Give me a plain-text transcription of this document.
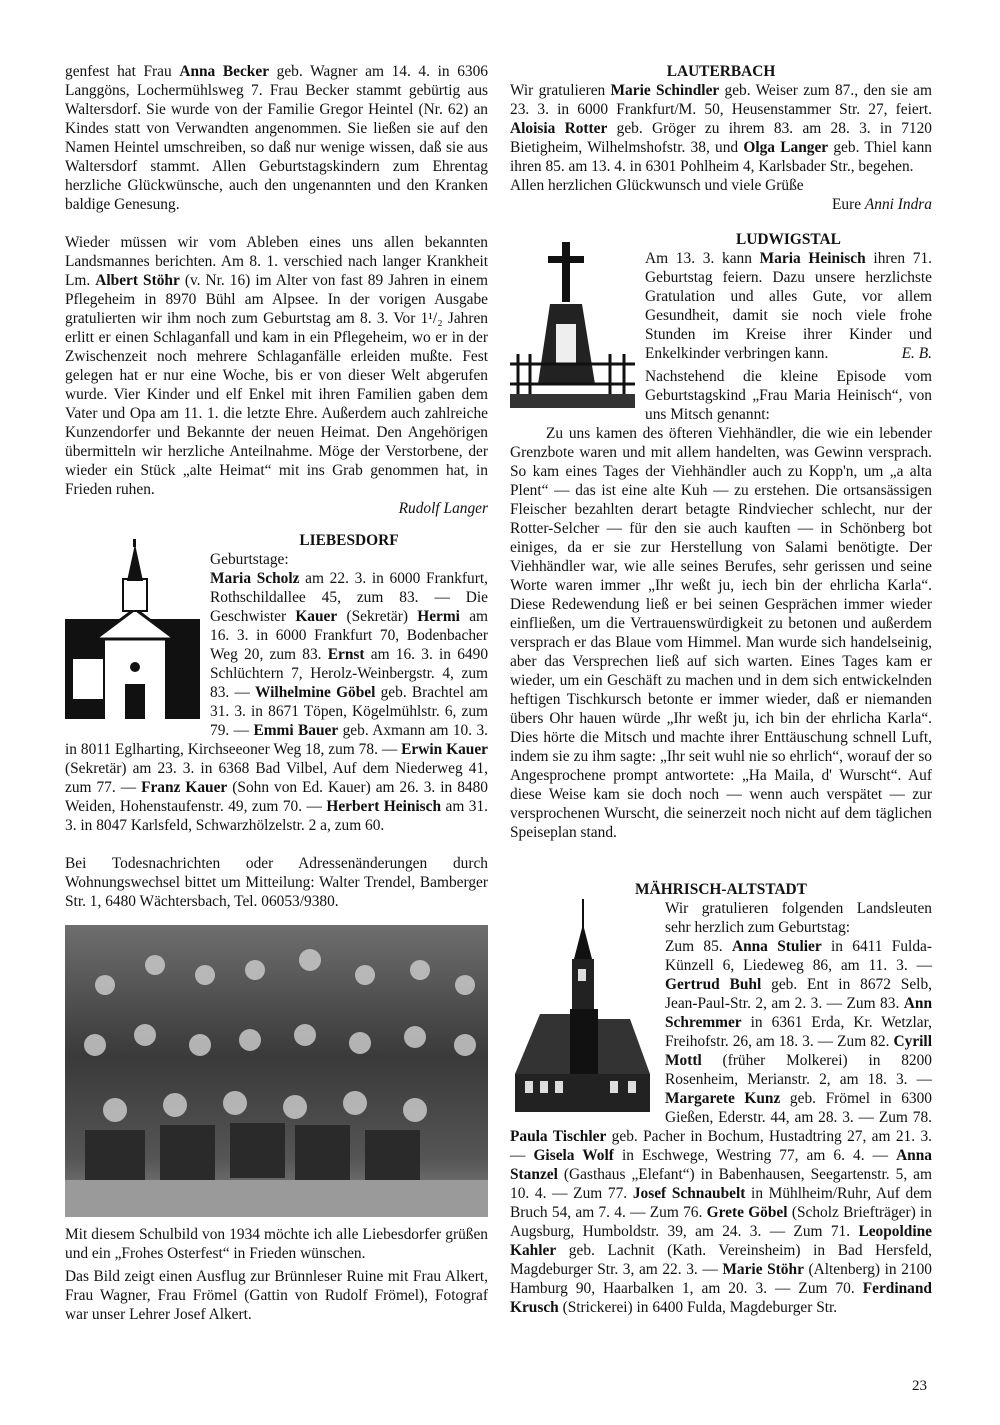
genfest hat Frau Anna Becker geb. Wagner am 14. 4. in 6306 Langgöns, Lochermühlsweg 7. Frau Becker stammt gebürtig aus Waltersdorf. Sie wurde von der Familie Gregor Heintel (Nr. 62) an Kindes statt von Verwandten angenommen. Sie ließen sie auf den Namen Heintel umschreiben, so daß nur wenige wissen, daß sie aus Waltersdorf stammt. Allen Geburtstagskindern zum Ehrentag herzliche Glückwünsche, auch den ungenannten und den Kranken baldige Genesung.

Wieder müssen wir vom Ableben eines uns allen bekannten Landsmannes berichten. Am 8. 1. verschied nach langer Krankheit Lm. Albert Stöhr (v. Nr. 16) im Alter von fast 89 Jahren in einem Pflegeheim in 8970 Bühl am Alpsee. In der vorigen Ausgabe gratulierten wir ihm noch zum Geburtstag am 8. 3. Vor 1¹/₂ Jahren erlitt er einen Schlaganfall und kam in ein Pflegeheim, wo er in der Zwischenzeit noch mehrere Schlaganfälle erleiden mußte. Fest gelegen hat er nur eine Woche, bis er von dieser Welt abgerufen wurde. Vier Kinder und elf Enkel mit ihren Familien gaben dem Vater und Opa am 11. 1. die letzte Ehre. Außerdem auch zahlreiche Kunzendorfer und Bekannte der neuen Heimat. Den Angehörigen übermitteln wir herzliche Anteilnahme. Möge der Verstorbene, der wieder ein Stück „alte Heimat“ mit ins Grab genommen hat, in Frieden ruhen.

Rudolf Langer

LIEBESDORF

Geburtstage:

Maria Scholz am 22. 3. in 6000 Frankfurt, Rothschildallee 45, zum 83. — Die Geschwister Kauer (Sekretär) Hermi am 16. 3. in 6000 Frankfurt 70, Bodenbacher Weg 20, zum 83. Ernst am 16. 3. in 6490 Schlüchtern 7, Herolz-Weinbergstr. 4, zum 83. — Wilhelmine Göbel geb. Brachtel am 31. 3. in 8671 Töpen, Kögelmühlstr. 6, zum 79. — Emmi Bauer geb. Axmann am 10. 3. in 8011 Eglharting, Kirchseeoner Weg 18, zum 78. — Erwin Kauer (Sekretär) am 23. 3. in 6368 Bad Vilbel, Auf dem Niederweg 41, zum 77. — Franz Kauer (Sohn von Ed. Kauer) am 26. 3. in 8480 Weiden, Hohenstaufenstr. 49, zum 70. — Herbert Heinisch am 31. 3. in 8047 Karlsfeld, Schwarzhölzelstr. 2 a, zum 60.

Bei Todesnachrichten oder Adressenänderungen durch Wohnungswechsel bittet um Mitteilung: Walter Trendel, Bamberger Str. 1, 6480 Wächtersbach, Tel. 06053/9380.

Mit diesem Schulbild von 1934 möchte ich alle Liebesdorfer grüßen und ein „Frohes Osterfest“ in Frieden wünschen.

Das Bild zeigt einen Ausflug zur Brünnleser Ruine mit Frau Alkert, Frau Wagner, Frau Frömel (Gattin von Rudolf Frömel), Fotograf war unser Lehrer Josef Alkert.

LAUTERBACH

Wir gratulieren Marie Schindler geb. Weiser zum 87., den sie am 23. 3. in 6000 Frankfurt/M. 50, Heusenstammer Str. 27, feiert. Aloisia Rotter geb. Gröger zu ihrem 83. am 28. 3. in 7120 Bietigheim, Wilhelmshofstr. 38, und Olga Langer geb. Thiel kann ihren 85. am 13. 4. in 6301 Pohlheim 4, Karlsbader Str., begehen.

Allen herzlichen Glückwunsch und viele Grüße

Eure Anni Indra

LUDWIGSTAL

Am 13. 3. kann Maria Heinisch ihren 71. Geburtstag feiern. Dazu unsere herzlichste Gratulation und alles Gute, vor allem Gesundheit, damit sie noch viele frohe Stunden im Kreise ihrer Kinder und Enkelkinder verbringen kann.	E. B.

Nachstehend die kleine Episode vom Geburtstagskind „Frau Maria Heinisch“, von uns Mitsch genannt:

Zu uns kamen des öfteren Viehhändler, die wie ein lebender Grenzbote waren und mit allem handelten, was Gewinn versprach. So kam eines Tages der Viehhändler auch zu Kopp'n, um „a alta Plent“ — das ist eine alte Kuh — zu erstehen. Die ortsansässigen Fleischer bezahlten derart betagte Rindviecher schlecht, nur der Rotter-Selcher — für den sie auch kauften — in Schönberg bot einiges, da er sie zur Herstellung von Salami benötigte. Der Viehhändler war, wie alle seines Berufes, sehr gerissen und seine Worte waren immer „Ihr weßt ju, iech bin der ehrlicha Karla“. Diese Redewendung ließ er bei seinen Gesprächen immer wieder einfließen, um die Vertrauenswürdigkeit zu betonen und außerdem versprach er das Blaue vom Himmel. Man wurde sich handelseinig, aber das Versprechen ließ auf sich warten. Eines Tages kam er wieder, um ein Geschäft zu machen und in dem sich entwickelnden heftigen Tischkursch betonte er immer wieder, daß er niemanden übers Ohr hauen würde „Ihr weßt ju, ich bin der ehrlicha Karla“. Dies hörte die Mitsch und machte ihrer Enttäuschung schnell Luft, indem sie zu ihm sagte: „Ihr seit wuhl nie so ehrlich“, worauf der so Angesprochene prompt antwortete: „Ha Maila, d' Wurscht“. Auf diese Weise kam sie doch noch — wenn auch verspätet — zur versprochenen Wurscht, die seinerzeit noch nicht auf dem täglichen Speiseplan stand.

MÄHRISCH-ALTSTADT

Wir gratulieren folgenden Landsleuten sehr herzlich zum Geburtstag:

Zum 85. Anna Stulier in 6411 Fulda-Künzell 6, Liedeweg 86, am 11. 3. — Gertrud Buhl geb. Ent in 8672 Selb, Jean-Paul-Str. 2, am 2. 3. — Zum 83. Ann Schremmer in 6361 Erda, Kr. Wetzlar, Freihofstr. 26, am 18. 3. — Zum 82. Cyrill Mottl (früher Molkerei) in 8200 Rosenheim, Merianstr. 2, am 18. 3. — Margarete Kunz geb. Frömel in 6300 Gießen, Ederstr. 44, am 28. 3. — Zum 78. Paula Tischler geb. Pacher in Bochum, Hustadtring 27, am 21. 3. — Gisela Wolf in Eschwege, Westring 77, am 6. 4. — Anna Stanzel (Gasthaus „Elefant“) in Babenhausen, Seegartenstr. 5, am 10. 4. — Zum 77. Josef Schnaubelt in Mühlheim/Ruhr, Auf dem Bruch 54, am 7. 4. — Zum 76. Grete Göbel (Scholz Briefträger) in Augsburg, Humboldstr. 39, am 24. 3. — Zum 71. Leopoldine Kahler geb. Lachnit (Kath. Vereinsheim) in Bad Hersfeld, Magdeburger Str. 3, am 22. 3. — Marie Stöhr (Altenberg) in 2100 Hamburg 90, Haarbalken 1, am 20. 3. — Zum 70. Ferdinand Krusch (Strickerei) in 6400 Fulda, Magdeburger Str.

23
